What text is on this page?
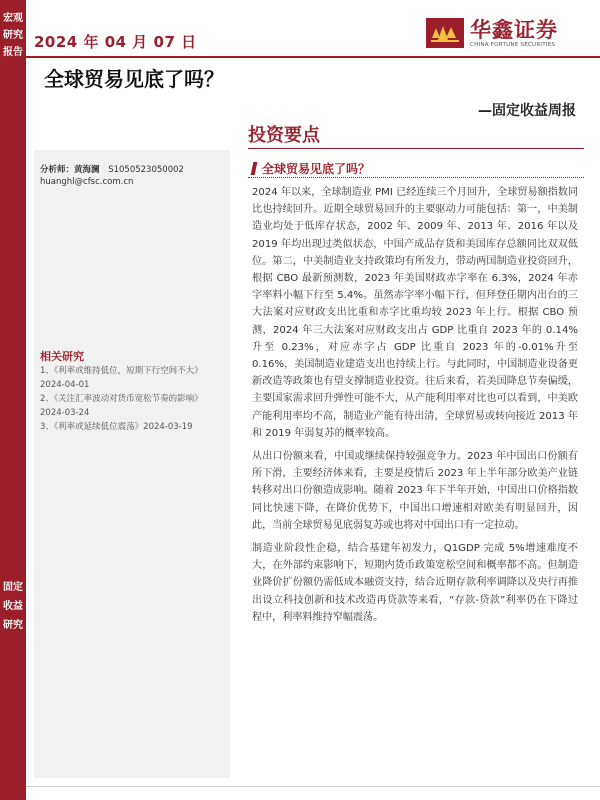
宏观研究报告
固定收益研究
2024 年 04 月 07 日	华鑫证券
CHINA FORTUNE SECURITIES
全球贸易见底了吗？
—固定收益周报
投资要点
分析师：黄海澜 S1050523050002
huanghl@cfsc.com.cn
相关研究
1、《利率或维持低位，短期下行空间不大》2024-04-01
2、《关注汇率波动对货币宽松节奏的影响》2024-03-24
3、《利率或延续低位震荡》2024-03-19
全球贸易见底了吗？

2024 年以来，全球制造业 PMI 已经连续三个月回升，全球贸易额指数同比也持续回升。近期全球贸易回升的主要驱动力可能包括：第一，中美制造业均处于低库存状态，2002 年、2009 年、2013 年、2016 年以及 2019 年均出现过类似状态，中国产成品存货和美国库存总额同比双双低位。第二，中美制造业支持政策均有所发力，带动两国制造业投资回升，根据 CBO 最新预测数，2023 年美国财政赤字率在 6.3%，2024 年赤字率料小幅下行至 5.4%。虽然赤字率小幅下行，但拜登任期内出台的三大法案对应财政支出比重和赤字比重均较 2023 年上行。根据 CBO 预测，2024 年三大法案对应财政支出占 GDP 比重自 2023 年的 0.14%升至 0.23%，对应赤字占 GDP 比重自 2023 年的-0.01%升至 0.16%，美国制造业建造支出也持续上行。与此同时，中国制造业设备更新改造等政策也有望支撑制造业投资。往后来看，若美国降息节奏偏缓，主要国家需求回升弹性可能不大，从产能利用率对比也可以看到，中美欧产能利用率均不高，制造业产能有待出清，全球贸易或转向接近 2013 年和 2019 年弱复苏的概率较高。

从出口份额来看，中国或继续保持较强竞争力。2023 年中国出口份额有所下滑，主要经济体来看，主要是疫情后 2023 年上半年部分欧美产业链转移对出口份额造成影响。随着 2023 年下半年开始，中国出口价格指数同比快速下降，在降价优势下，中国出口增速相对欧美有明显回升，因此，当前全球贸易见底弱复苏或也将对中国出口有一定拉动。

制造业阶段性企稳，结合基建年初发力，Q1GDP 完成 5%增速难度不大，在外部约束影响下，短期内货币政策宽松空间和概率都不高。但制造业降价扩份额仍需低成本融资支持，结合近期存款利率调降以及央行再推出设立科技创新和技术改造再贷款等来看，“存款-贷款”利率仍在下降过程中，利率料维持窄幅震荡。
